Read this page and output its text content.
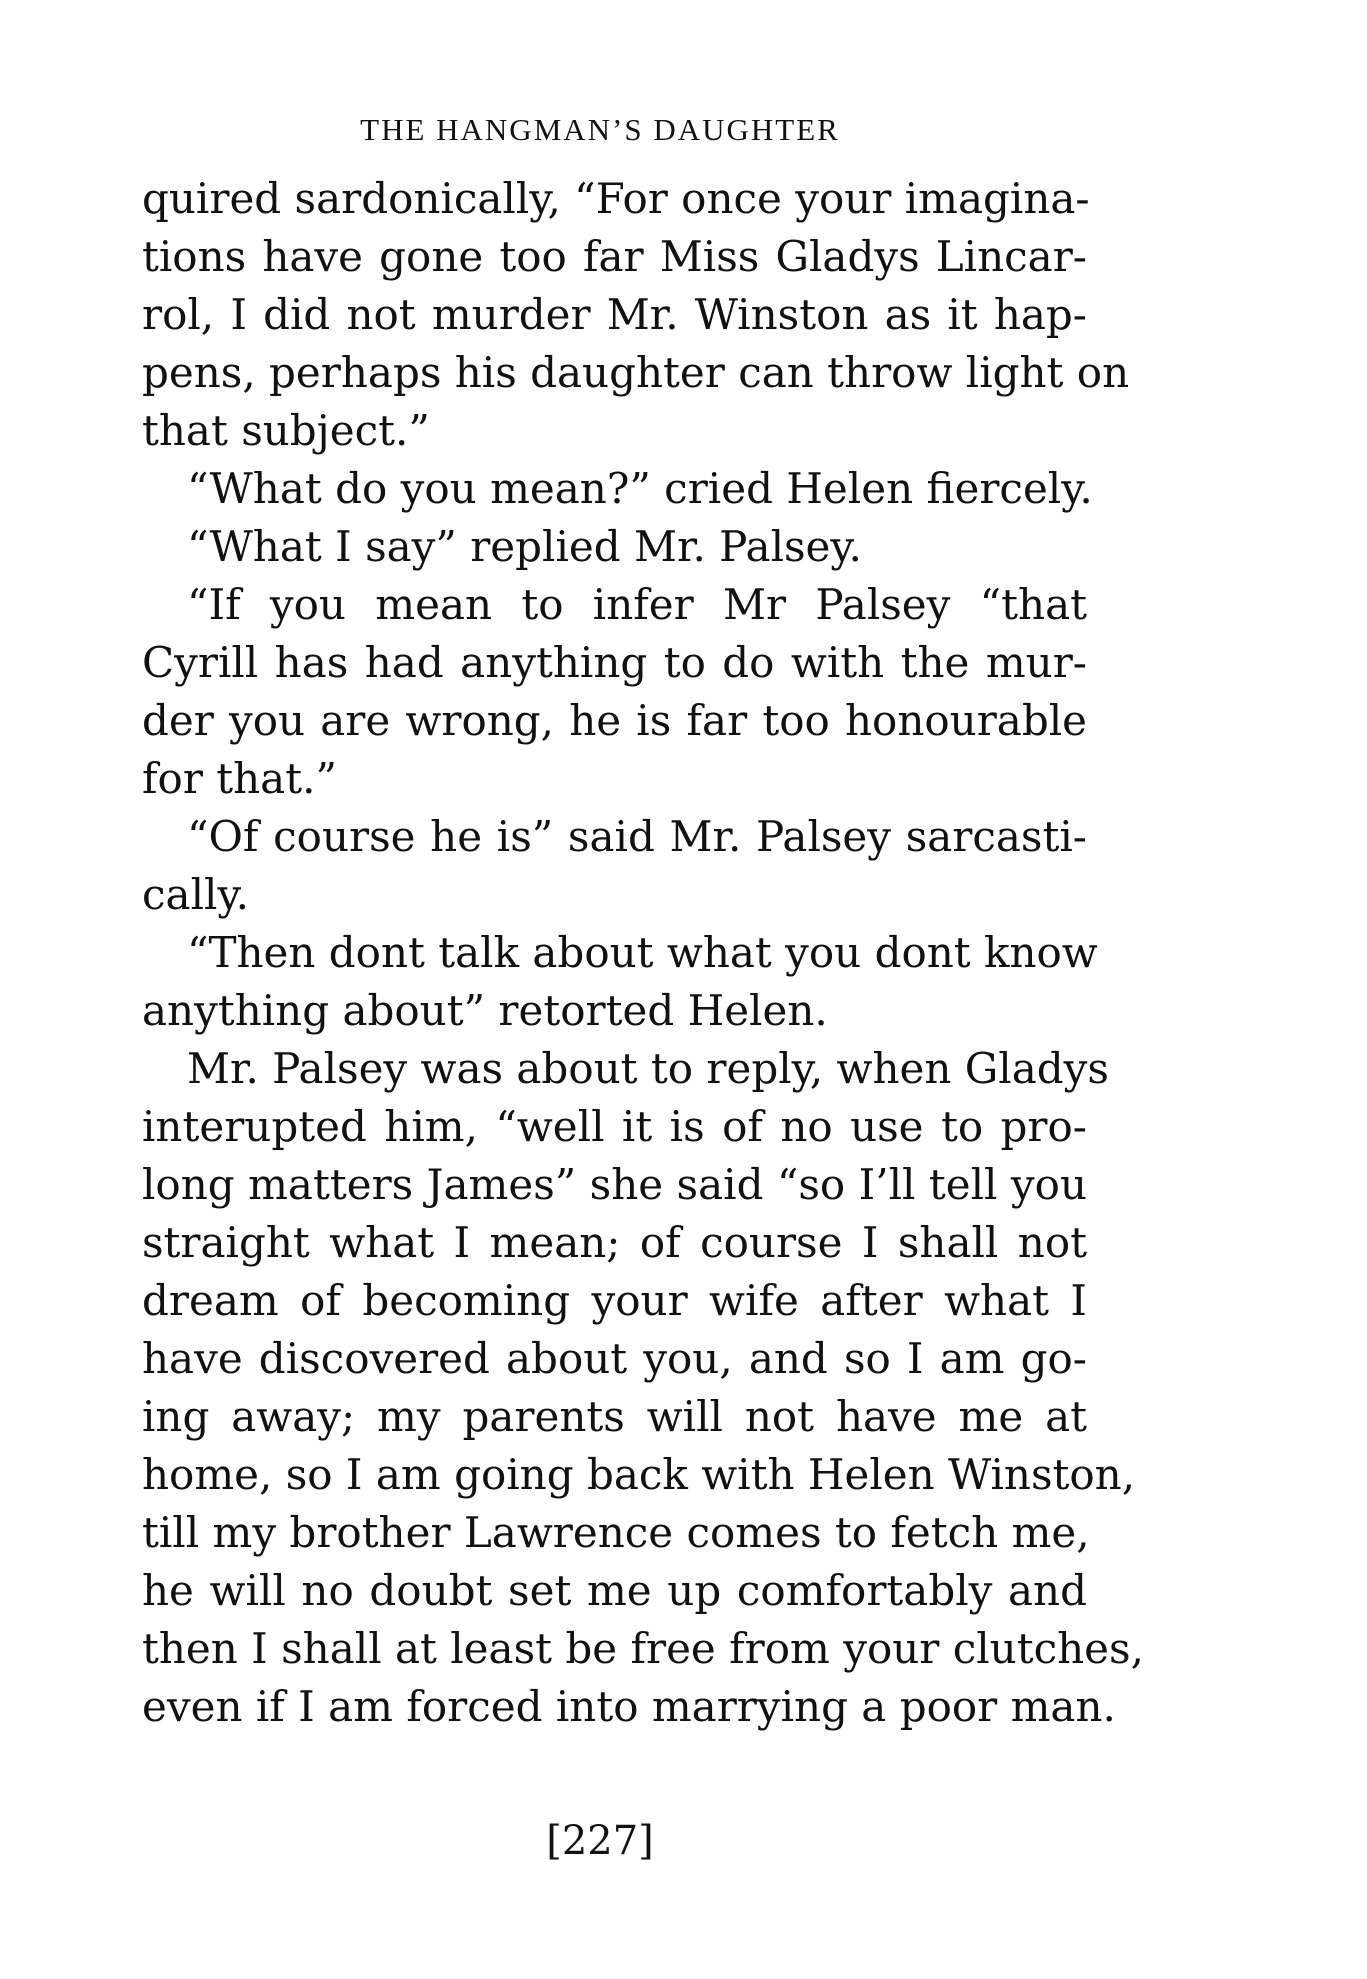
THE HANGMAN’S DAUGHTER
quired sardonically, “For once your imagina-
tions have gone too far Miss Gladys Lincar-
rol, I did not murder Mr. Winston as it hap-
pens, perhaps his daughter can throw light on
that subject.”
“What do you mean?” cried Helen fiercely.
“What I say” replied Mr. Palsey.
“If you mean to infer Mr Palsey “that
Cyrill has had anything to do with the mur-
der you are wrong, he is far too honourable
for that.”
“Of course he is” said Mr. Palsey sarcasti-
cally.
“Then dont talk about what you dont know
anything about” retorted Helen.
Mr. Palsey was about to reply, when Gladys
interupted him, “well it is of no use to pro-
long matters James” she said “so I’ll tell you
straight what I mean; of course I shall not
dream of becoming your wife after what I
have discovered about you, and so I am go-
ing away; my parents will not have me at
home, so I am going back with Helen Winston,
till my brother Lawrence comes to fetch me,
he will no doubt set me up comfortably and
then I shall at least be free from your clutches,
even if I am forced into marrying a poor man.
[227]
